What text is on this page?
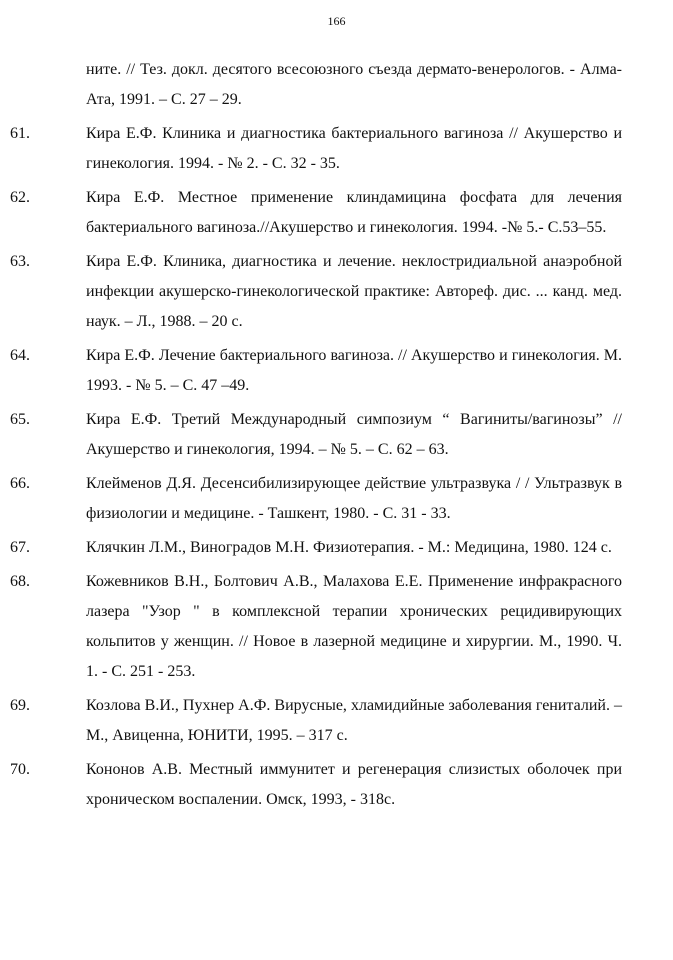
166

ните. // Тез. докл. десятого всесоюзного съезда дермато-венерологов. - Алма-Ата, 1991. – С. 27 – 29.

61.	Кира Е.Ф. Клиника и диагностика бактериального вагиноза // Акушерство и гинекология. 1994. - № 2. - С. 32 - 35.

62.	Кира Е.Ф. Местное применение клиндамицина фосфата для лечения бактериального вагиноза.//Акушерство и гинекология. 1994. -№ 5.- С.53–55.

63.	Кира Е.Ф. Клиника, диагностика и лечение. неклостридиальной анаэробной инфекции акушерско-гинекологической практике: Автореф. дис. ... канд. мед. наук. – Л., 1988. – 20 с.

64.	Кира Е.Ф. Лечение бактериального вагиноза. // Акушерство и гинекология. М. 1993. - № 5. – С. 47 –49.

65.	Кира Е.Ф. Третий Международный симпозиум “ Вагиниты/вагинозы” //Акушерство и гинекология, 1994. – № 5. – С. 62 – 63.

66.	Клейменов Д.Я. Десенсибилизирующее действие ультразвука / / Ультразвук в физиологии и медицине. - Ташкент, 1980. - С. 31 - 33.

67.	Клячкин Л.М., Виноградов М.Н. Физиотерапия. - М.: Медицина, 1980. 124 с.

68.	Кожевников В.Н., Болтович А.В., Малахова Е.Е. Применение инфракрасного лазера "Узор " в комплексной терапии хронических рецидивирующих кольпитов у женщин. // Новое в лазерной медицине и хирургии. М., 1990. Ч. 1. - С. 251 - 253.

69.	Козлова В.И., Пухнер А.Ф. Вирусные, хламидийные заболевания гениталий. – М., Авиценна, ЮНИТИ, 1995. – 317 с.

70.	Кононов А.В. Местный иммунитет и регенерация слизистых оболочек при хроническом воспалении. Омск, 1993, - 318с.
